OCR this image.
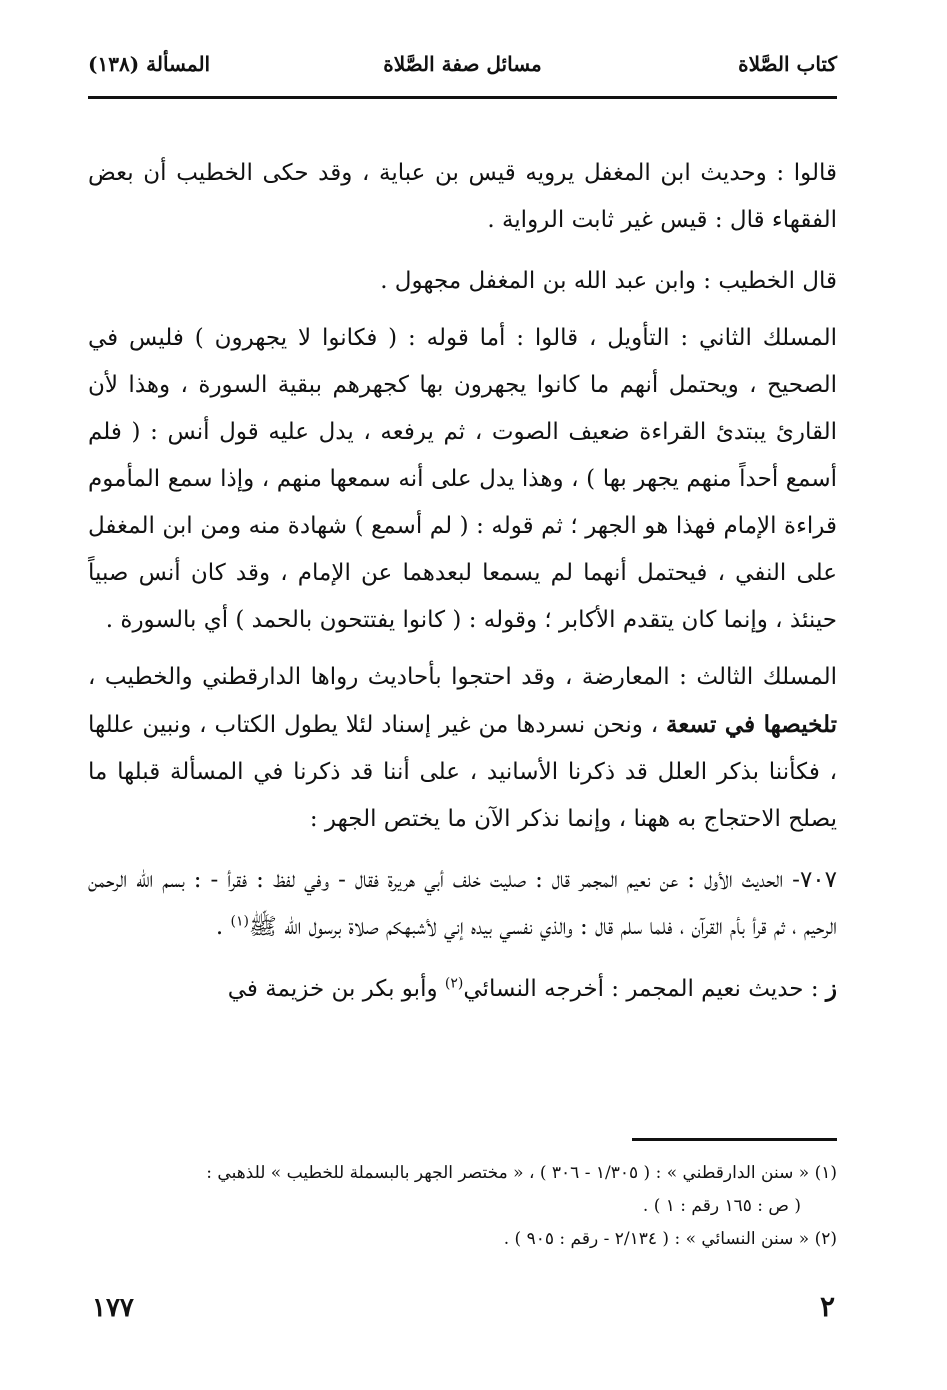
كتاب الصَّلاة
مسائل صفة الصَّلاة
المسألة (١٣٨)

قالوا : وحديث ابن المغفل يرويه قيس بن عباية ، وقد حكى الخطيب أن بعض الفقهاء قال : قيس غير ثابت الرواية .

قال الخطيب : وابن عبد الله بن المغفل مجهول .

المسلك الثاني : التأويل ، قالوا : أما قوله : ( فكانوا لا يجهرون ) فليس في الصحيح ، ويحتمل أنهم ما كانوا يجهرون بها كجهرهم ببقية السورة ، وهذا لأن القارئ يبتدئ القراءة ضعيف الصوت ، ثم يرفعه ، يدل عليه قول أنس : ( فلم أسمع أحداً منهم يجهر بها ) ، وهذا يدل على أنه سمعها منهم ، وإذا سمع المأموم قراءة الإمام فهذا هو الجهر ؛ ثم قوله : ( لم أسمع ) شهادة منه ومن ابن المغفل على النفي ، فيحتمل أنهما لم يسمعا لبعدهما عن الإمام ، وقد كان أنس صبياً حينئذ ، وإنما كان يتقدم الأكابر ؛ وقوله : ( كانوا يفتتحون بالحمد ) أي بالسورة .

المسلك الثالث : المعارضة ، وقد احتجوا بأحاديث رواها الدارقطني والخطيب ، تلخيصها في تسعة ، ونحن نسردها من غير إسناد لئلا يطول الكتاب ، ونبين عللها ، فكأننا بذكر العلل قد ذكرنا الأسانيد ، على أننا قد ذكرنا في المسألة قبلها ما يصلح الاحتجاج به ههنا ، وإنما نذكر الآن ما يختص الجهر :

٧٠٧- الحديث الأول : عن نعيم المجمر قال : صليت خلف أبي هريرة فقال - وفي لفظ : فقرأ - : بسم الله الرحمن الرحيم ، ثم قرأ بأم القرآن ، فلما سلم قال : والذي نفسي بيده إني لأشبهكم صلاة برسول الله ﷺ$^{(١)}$ .

ز : حديث نعيم المجمر : أخرجه النسائي$^{(٢)}$ وأبو بكر بن خزيمة في

(١) « سنن الدارقطني » : ( ١/٣٠٥ - ٣٠٦ ) ، « مختصر الجهر بالبسملة للخطيب » للذهبي :

( ص : ١٦٥ رقم : ١ ) .

(٢) « سنن النسائي » : ( ٢/١٣٤ - رقم : ٩٠٥ ) .

١٧٧	٢
